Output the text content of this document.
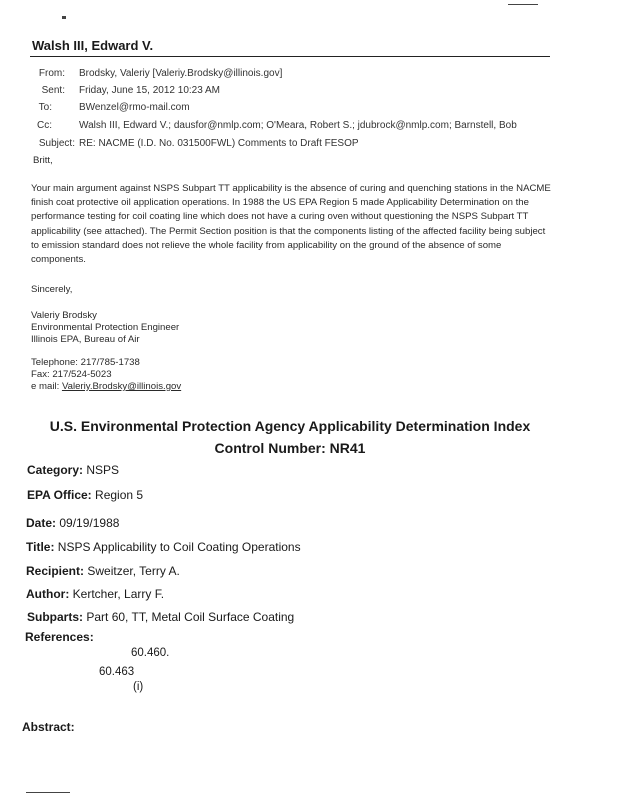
Walsh III, Edward V.
From: Brodsky, Valeriy [Valeriy.Brodsky@illinois.gov]
Sent: Friday, June 15, 2012 10:23 AM
To:	BWenzel@rmo-mail.com
Cc:	Walsh III, Edward V.; dausfor@nmlp.com; O'Meara, Robert S.; jdubrock@nmlp.com; Barnstell, Bob
Subject: RE: NACME (I.D. No. 031500FWL) Comments to Draft FESOP
Britt,
Your main argument against NSPS Subpart TT applicability is the absence of curing and quenching stations in the NACME finish coat protective oil application operations. In 1988 the US EPA Region 5 made Applicability Determination on the performance testing for coil coating line which does not have a curing oven without questioning the NSPS Subpart TT applicability (see attached). The Permit Section position is that the components listing of the affected facility being subject to emission standard does not relieve the whole facility from applicability on the ground of the absence of some components.
Sincerely,
Valeriy Brodsky
Environmental Protection Engineer
Illinois EPA, Bureau of Air
Telephone: 217/785-1738
Fax: 217/524-5023
e mail: Valeriy.Brodsky@illinois.gov
U.S. Environmental Protection Agency Applicability Determination Index
Control Number: NR41
Category: NSPS
EPA Office: Region 5
Date: 09/19/1988
Title: NSPS Applicability to Coil Coating Operations
Recipient: Sweitzer, Terry A.
Author: Kertcher, Larry F.
Subparts: Part 60, TT, Metal Coil Surface Coating
References:
60.460.
60.463
(i)
Abstract:
